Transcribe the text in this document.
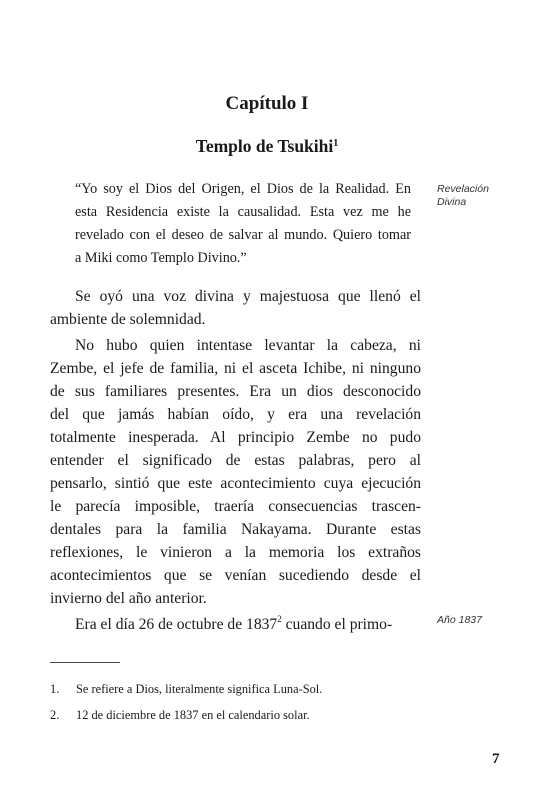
Capítulo I
Templo de Tsukihi$^1$
“Yo soy el Dios del Origen, el Dios de la Realidad. En
esta Residencia existe la causalidad. Esta vez me he
revelado con el deseo de salvar al mundo. Quiero tomar
a Miki como Templo Divino.”
Revelación
Divina
Se oyó una voz divina y majestuosa que llenó el
ambiente de solemnidad.
No hubo quien intentase levantar la cabeza, ni
Zembe, el jefe de familia, ni el asceta Ichibe, ni ninguno
de sus familiares presentes. Era un dios desconocido
del que jamás habían oído, y era una revelación
totalmente inesperada. Al principio Zembe no pudo
entender el significado de estas palabras, pero al
pensarlo, sintió que este acontecimiento cuya ejecución
le parecía imposible, traería consecuencias trascen-
dentales para la familia Nakayama. Durante estas
reflexiones, le vinieron a la memoria los extraños
acontecimientos que se venían sucediendo desde el
invierno del año anterior.
Era el día 26 de octubre de 1837$^2$ cuando el primo-	Año 1837
1. Se refiere a Dios, literalmente significa Luna-Sol.
2. 12 de diciembre de 1837 en el calendario solar.
7
